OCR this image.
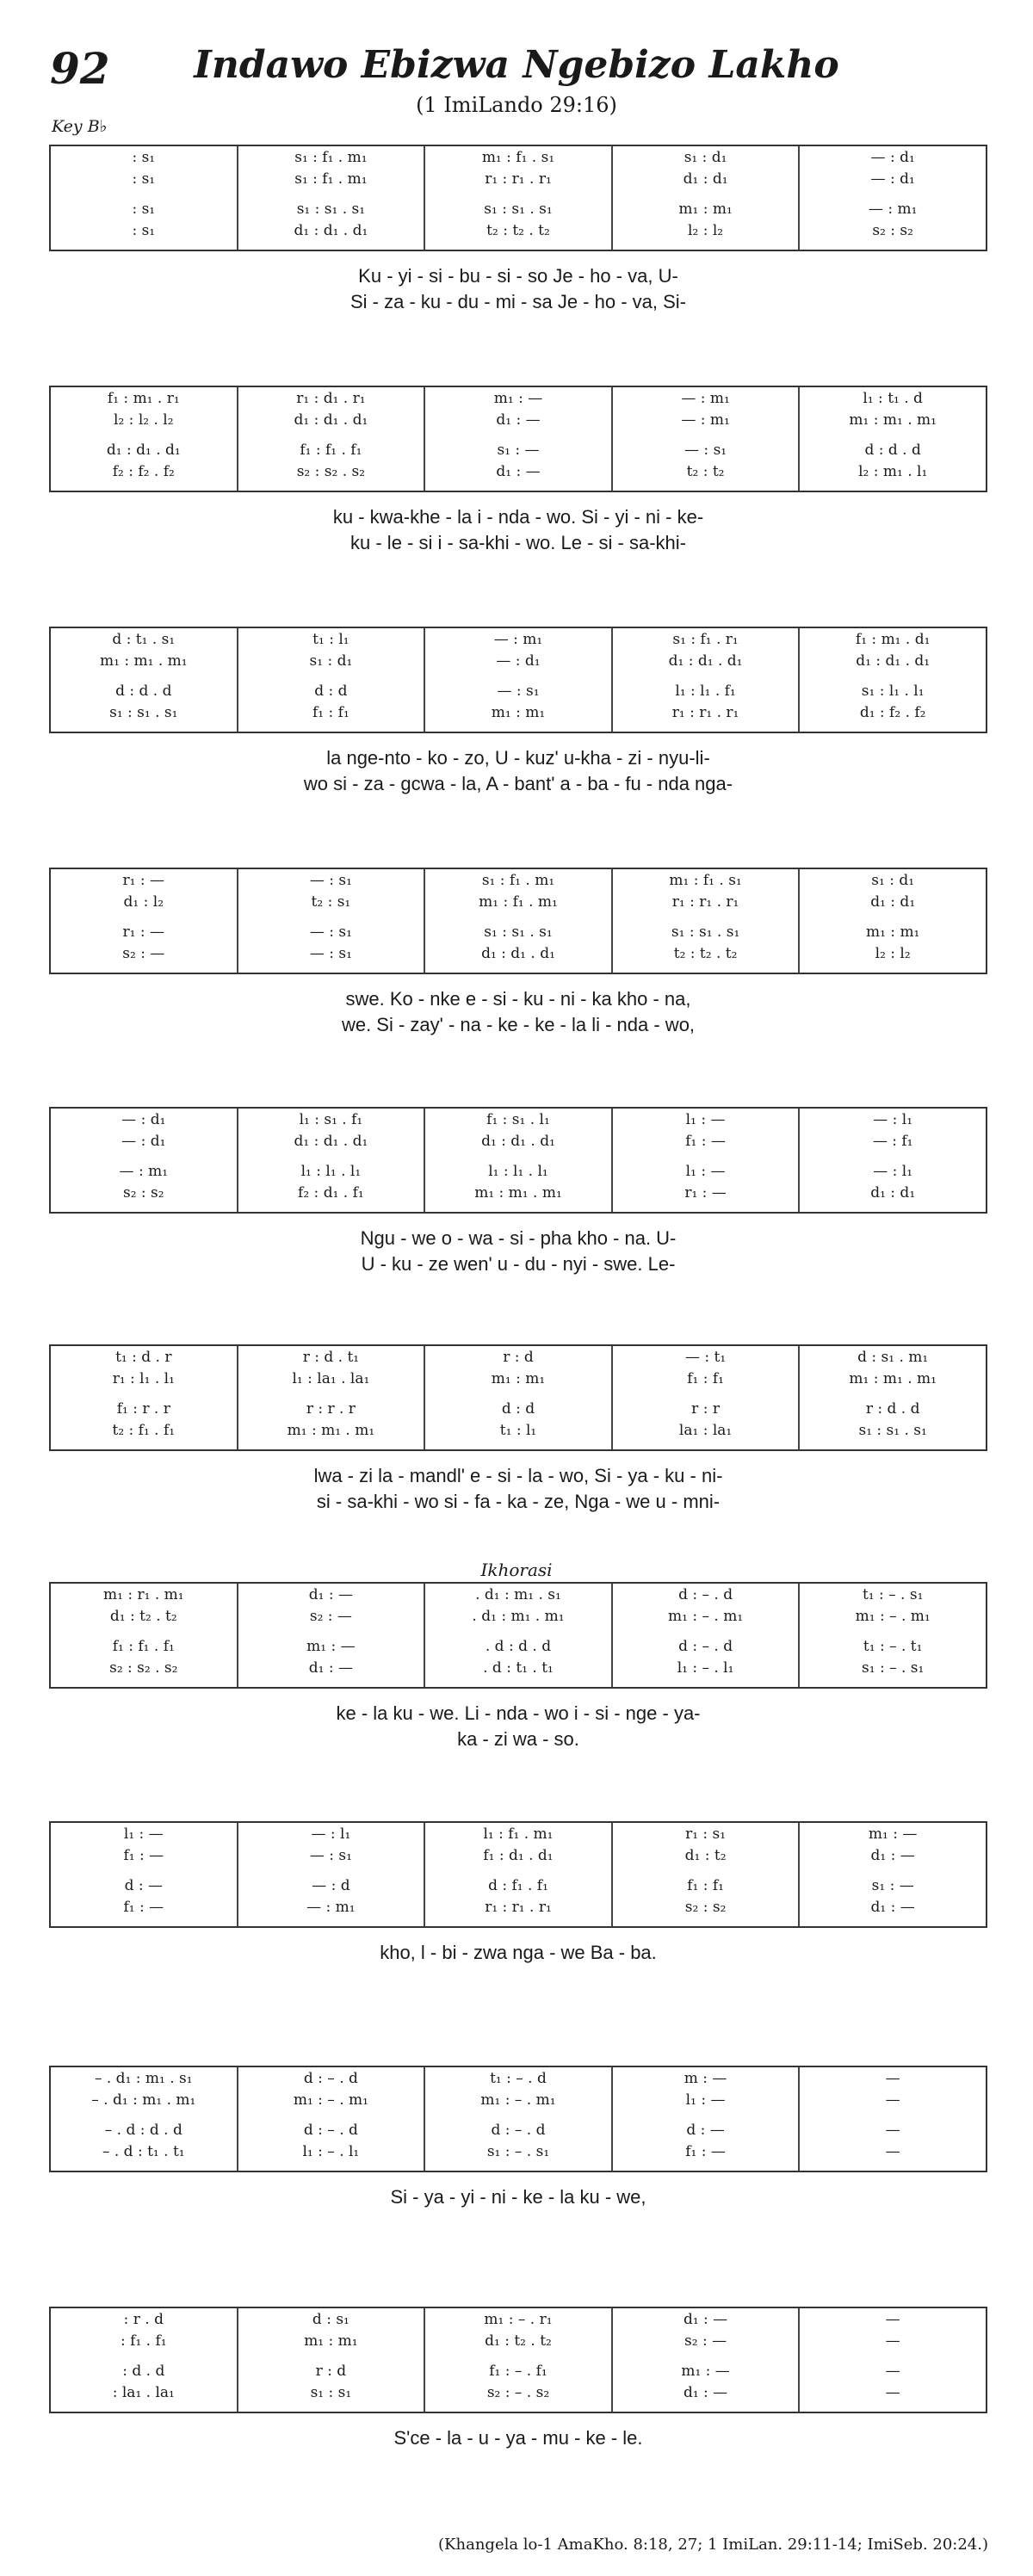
92	Indawo Ebizwa Ngebizo Lakho
(1 ImiLando 29:16)
Key B♭
: s₁
: s₁
: s₁
: s₁
s₁ : f₁ . m₁
s₁ : f₁ . m₁
s₁ : s₁ . s₁
d₁ : d₁ . d₁
m₁ : f₁ . s₁
r₁ : r₁ . r₁
s₁ : s₁ . s₁
t₂ : t₂ . t₂
s₁ : d₁
d₁ : d₁
m₁ : m₁
l₂ : l₂
— : d₁
— : d₁
— : m₁
s₂ : s₂
Ku - yi - si - bu - si - so Je - ho - va, U-
Si - za - ku - du - mi - sa Je - ho - va, Si-
f₁ : m₁ . r₁
l₂ : l₂ . l₂
d₁ : d₁ . d₁
f₂ : f₂ . f₂
r₁ : d₁ . r₁
d₁ : d₁ . d₁
f₁ : f₁ . f₁
s₂ : s₂ . s₂
m₁ : —
d₁ : —
s₁ : —
d₁ : —
— : m₁
— : m₁
— : s₁
t₂ : t₂
l₁ : t₁ . d
m₁ : m₁ . m₁
d : d . d
l₂ : m₁ . l₁
ku - kwa-khe - la i - nda - wo. Si - yi - ni - ke-
ku - le - si i - sa-khi - wo. Le - si - sa-khi-
d : t₁ . s₁
m₁ : m₁ . m₁
d : d . d
s₁ : s₁ . s₁
t₁ : l₁
s₁ : d₁
d : d
f₁ : f₁
— : m₁
— : d₁
— : s₁
m₁ : m₁
s₁ : f₁ . r₁
d₁ : d₁ . d₁
l₁ : l₁ . f₁
r₁ : r₁ . r₁
f₁ : m₁ . d₁
d₁ : d₁ . d₁
s₁ : l₁ . l₁
d₁ : f₂ . f₂
la nge-nto - ko - zo, U - kuz' u-kha - zi - nyu-li-
wo si - za - gcwa - la, A - bant' a - ba - fu - nda nga-
r₁ : —
d₁ : l₂
r₁ : —
s₂ : —
— : s₁
t₂ : s₁
— : s₁
— : s₁
s₁ : f₁ . m₁
m₁ : f₁ . m₁
s₁ : s₁ . s₁
d₁ : d₁ . d₁
m₁ : f₁ . s₁
r₁ : r₁ . r₁
s₁ : s₁ . s₁
t₂ : t₂ . t₂
s₁ : d₁
d₁ : d₁
m₁ : m₁
l₂ : l₂
swe. Ko - nke e - si - ku - ni - ka kho - na,
we. Si - zay' - na - ke - ke - la li - nda - wo,
— : d₁
— : d₁
— : m₁
s₂ : s₂
l₁ : s₁ . f₁
d₁ : d₁ . d₁
l₁ : l₁ . l₁
f₂ : d₁ . f₁
f₁ : s₁ . l₁
d₁ : d₁ . d₁
l₁ : l₁ . l₁
m₁ : m₁ . m₁
l₁ : —
f₁ : —
l₁ : —
r₁ : —
— : l₁
— : f₁
— : l₁
d₁ : d₁
Ngu - we o - wa - si - pha kho - na. U-
U - ku - ze wen' u - du - nyi - swe. Le-
t₁ : d . r
r₁ : l₁ . l₁
f₁ : r . r
t₂ : f₁ . f₁
r : d . t₁
l₁ : la₁ . la₁
r : r . r
m₁ : m₁ . m₁
r : d
m₁ : m₁
d : d
t₁ : l₁
— : t₁
f₁ : f₁
r : r
la₁ : la₁
d : s₁ . m₁
m₁ : m₁ . m₁
r : d . d
s₁ : s₁ . s₁
lwa - zi la - mandl' e - si - la - wo, Si - ya - ku - ni-
si - sa-khi - wo si - fa - ka - ze, Nga - we u - mni-
m₁ : r₁ . m₁
d₁ : t₂ . t₂
f₁ : f₁ . f₁
s₂ : s₂ . s₂
d₁ : —
s₂ : —
m₁ : —
d₁ : —
. d₁ : m₁ . s₁
. d₁ : m₁ . m₁
. d : d . d
. d : t₁ . t₁
d : – . d
m₁ : – . m₁
d : – . d
l₁ : – . l₁
t₁ : – . s₁
m₁ : – . m₁
t₁ : – . t₁
s₁ : – . s₁
ke - la ku - we. Li - nda - wo i - si - nge - ya-
ka - zi wa - so.
l₁ : —
f₁ : —
d : —
f₁ : —
— : l₁
— : s₁
— : d
— : m₁
l₁ : f₁ . m₁
f₁ : d₁ . d₁
d : f₁ . f₁
r₁ : r₁ . r₁
r₁ : s₁
d₁ : t₂
f₁ : f₁
s₂ : s₂
m₁ : —
d₁ : —
s₁ : —
d₁ : —
kho, l - bi - zwa nga - we Ba - ba.
– . d₁ : m₁ . s₁
– . d₁ : m₁ . m₁
– . d : d . d
– . d : t₁ . t₁
d : – . d
m₁ : – . m₁
d : – . d
l₁ : – . l₁
t₁ : – . d
m₁ : – . m₁
d : – . d
s₁ : – . s₁
m : —
l₁ : —
d : —
f₁ : —
—
—
—
—
Si - ya - yi - ni - ke - la ku - we,
: r . d
: f₁ . f₁
: d . d
: la₁ . la₁
d : s₁
m₁ : m₁
r : d
s₁ : s₁
m₁ : – . r₁
d₁ : t₂ . t₂
f₁ : – . f₁
s₂ : – . s₂
d₁ : —
s₂ : —
m₁ : —
d₁ : —
—
—
—
—
S'ce - la - u - ya - mu - ke - le.
Ikhorasi
(Khangela lo-1 AmaKho. 8:18, 27; 1 ImiLan. 29:11-14; ImiSeb. 20:24.)
